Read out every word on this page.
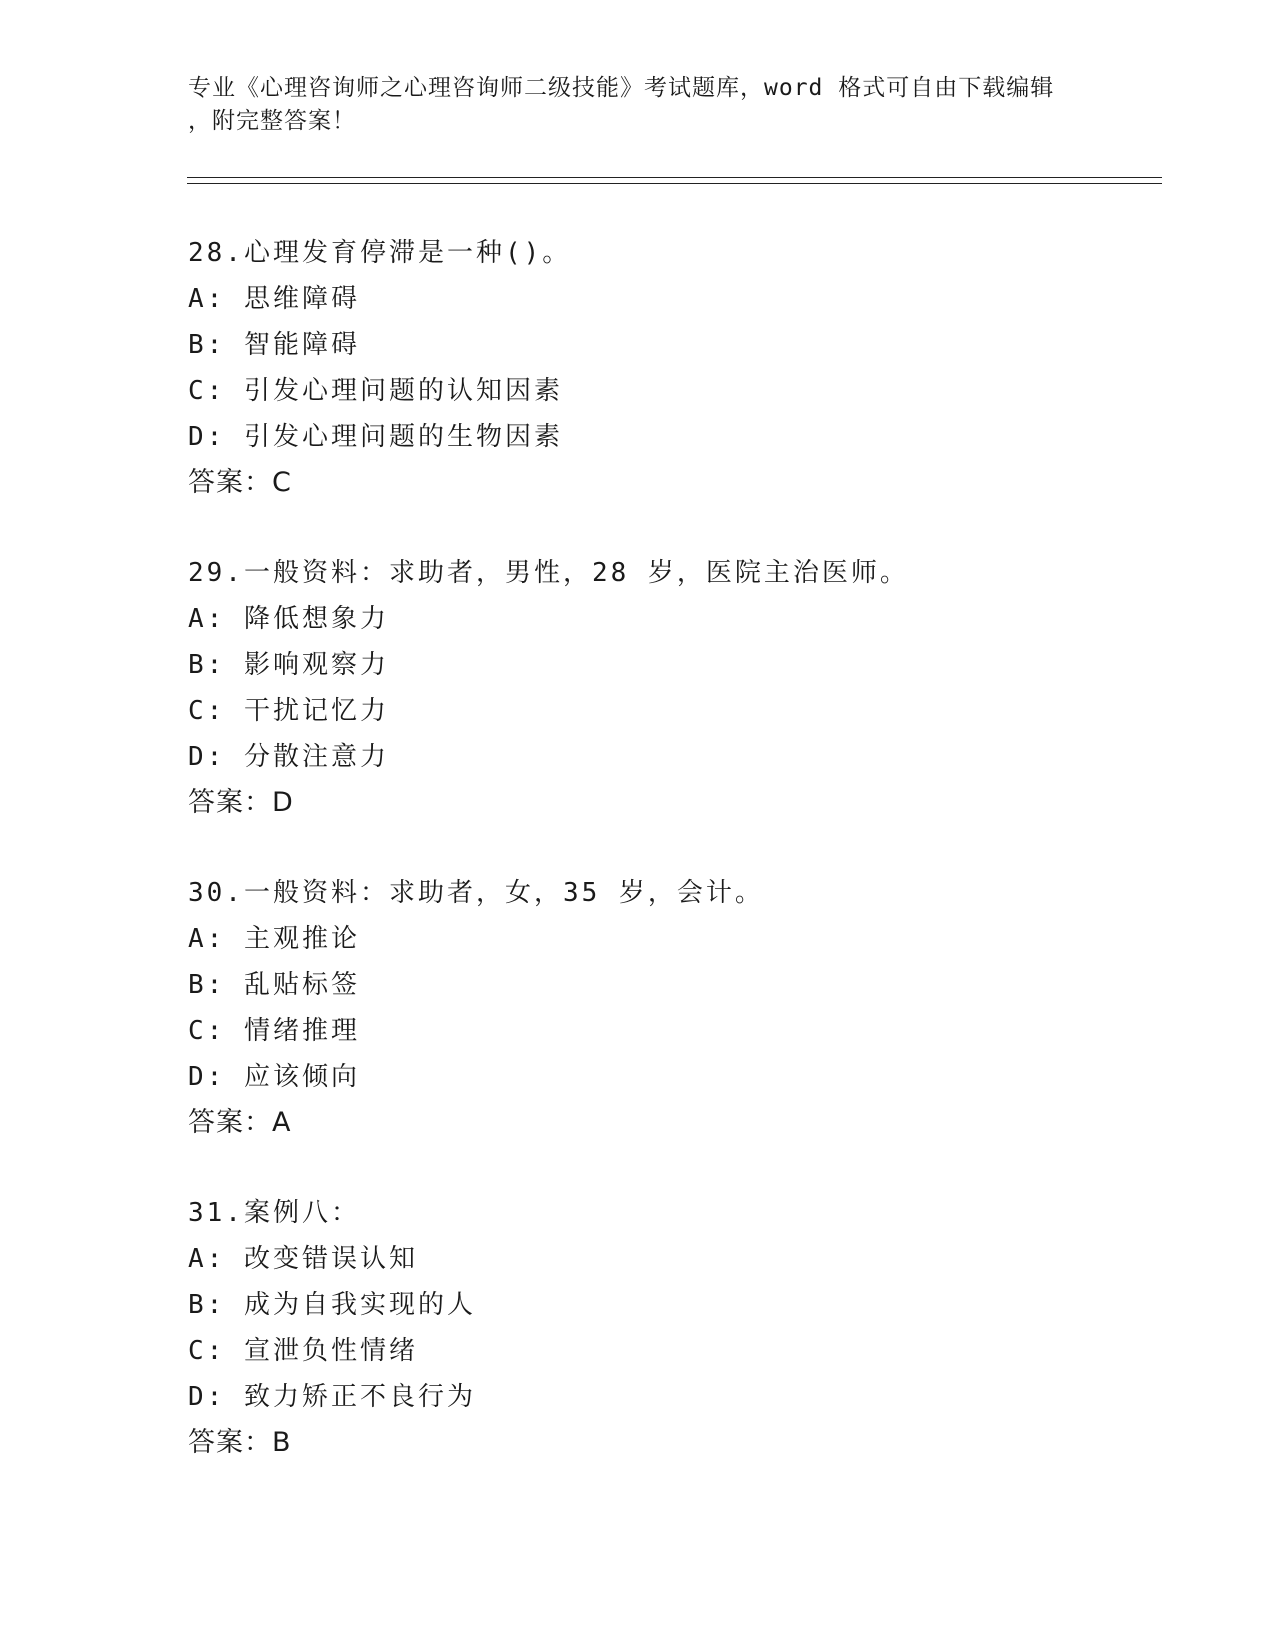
专业《心理咨询师之心理咨询师二级技能》考试题库，word 格式可自由下载编辑
，附完整答案！
28.心理发育停滞是一种()。
A: 思维障碍
B: 智能障碍
C: 引发心理问题的认知因素
D: 引发心理问题的生物因素
答案：C
29.一般资料：求助者，男性，28 岁，医院主治医师。
A: 降低想象力
B: 影响观察力
C: 干扰记忆力
D: 分散注意力
答案：D
30.一般资料：求助者，女，35 岁，会计。
A: 主观推论
B: 乱贴标签
C: 情绪推理
D: 应该倾向
答案：A
31.案例八：
A: 改变错误认知
B: 成为自我实现的人
C: 宣泄负性情绪
D: 致力矫正不良行为
答案：B
